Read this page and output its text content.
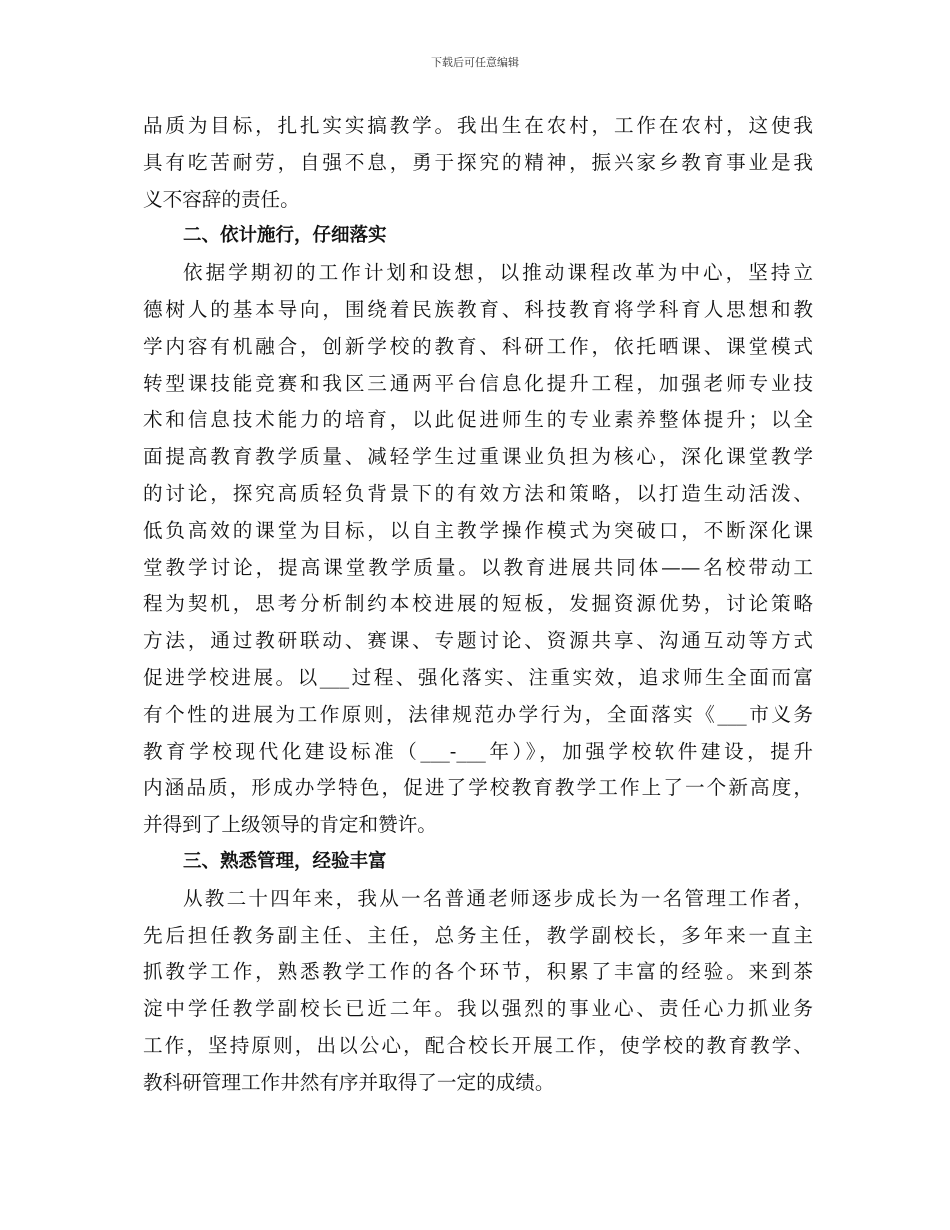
下载后可任意编辑
品质为目标，扎扎实实搞教学。我出生在农村，工作在农村，这使我
具有吃苦耐劳，自强不息，勇于探究的精神，振兴家乡教育事业是我
义不容辞的责任。
二、依计施行，仔细落实
依据学期初的工作计划和设想，以推动课程改革为中心，坚持立
德树人的基本导向，围绕着民族教育、科技教育将学科育人思想和教
学内容有机融合，创新学校的教育、科研工作，依托晒课、课堂模式
转型课技能竞赛和我区三通两平台信息化提升工程，加强老师专业技
术和信息技术能力的培育，以此促进师生的专业素养整体提升；以全
面提高教育教学质量、减轻学生过重课业负担为核心，深化课堂教学
的讨论，探究高质轻负背景下的有效方法和策略，以打造生动活泼、
低负高效的课堂为目标，以自主教学操作模式为突破口，不断深化课
堂教学讨论，提高课堂教学质量。以教育进展共同体——名校带动工
程为契机，思考分析制约本校进展的短板，发掘资源优势，讨论策略
方法，通过教研联动、赛课、专题讨论、资源共享、沟通互动等方式
促进学校进展。以___过程、强化落实、注重实效，追求师生全面而富
有个性的进展为工作原则，法律规范办学行为，全面落实《___市义务
教育学校现代化建设标准（___-___年）》，加强学校软件建设，提升
内涵品质，形成办学特色，促进了学校教育教学工作上了一个新高度，
并得到了上级领导的肯定和赞许。
三、熟悉管理，经验丰富
从教二十四年来，我从一名普通老师逐步成长为一名管理工作者，
先后担任教务副主任、主任，总务主任，教学副校长，多年来一直主
抓教学工作，熟悉教学工作的各个环节，积累了丰富的经验。来到茶
淀中学任教学副校长已近二年。我以强烈的事业心、责任心力抓业务
工作，坚持原则，出以公心，配合校长开展工作，使学校的教育教学、
教科研管理工作井然有序并取得了一定的成绩。
